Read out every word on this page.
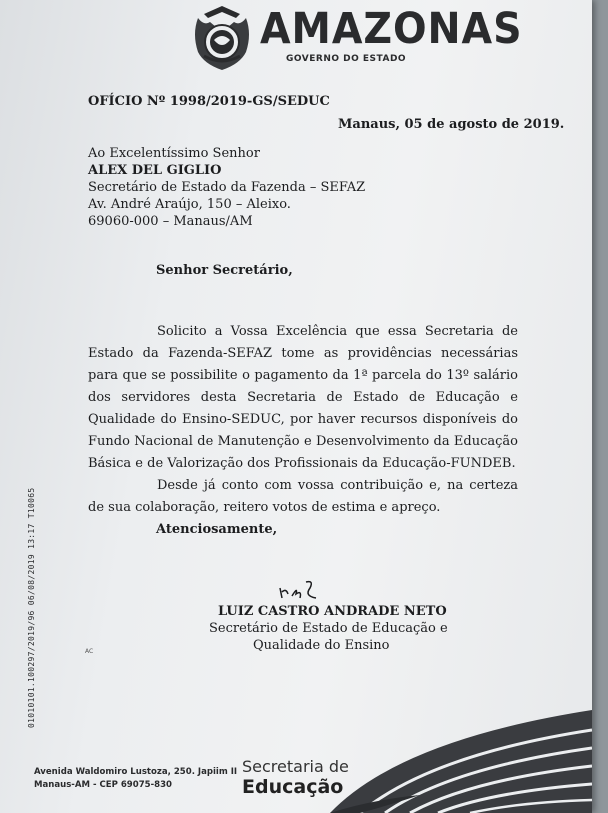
AMAZONAS
GOVERNO DO ESTADO
OFÍCIO Nº 1998/2019-GS/SEDUC
Manaus, 05 de agosto de 2019.
Ao Excelentíssimo Senhor
ALEX DEL GIGLIO
Secretário de Estado da Fazenda – SEFAZ
Av. André Araújo, 150 – Aleixo.
69060-000 – Manaus/AM
Senhor Secretário,

Solicito a Vossa Excelência que essa Secretaria de Estado da Fazenda-SEFAZ tome as providências necessárias para que se possibilite o pagamento da 1ª parcela do 13º salário dos servidores desta Secretaria de Estado de Educação e Qualidade do Ensino-SEDUC, por haver recursos disponíveis do Fundo Nacional de Manutenção e Desenvolvimento da Educação Básica e de Valorização dos Profissionais da Educação-FUNDEB.

Desde já conto com vossa contribuição e, na certeza de sua colaboração, reitero votos de estima e apreço.

Atenciosamente,
LUIZ CASTRO ANDRADE NETO
Secretário de Estado de Educação e
Qualidade do Ensino
01010101.100297/2019/96 06/08/2019 13:17 T10065	AC
Avenida Waldomiro Lustoza, 250. Japiim II
Manaus-AM - CEP 69075-830
Secretaria de
Educação
